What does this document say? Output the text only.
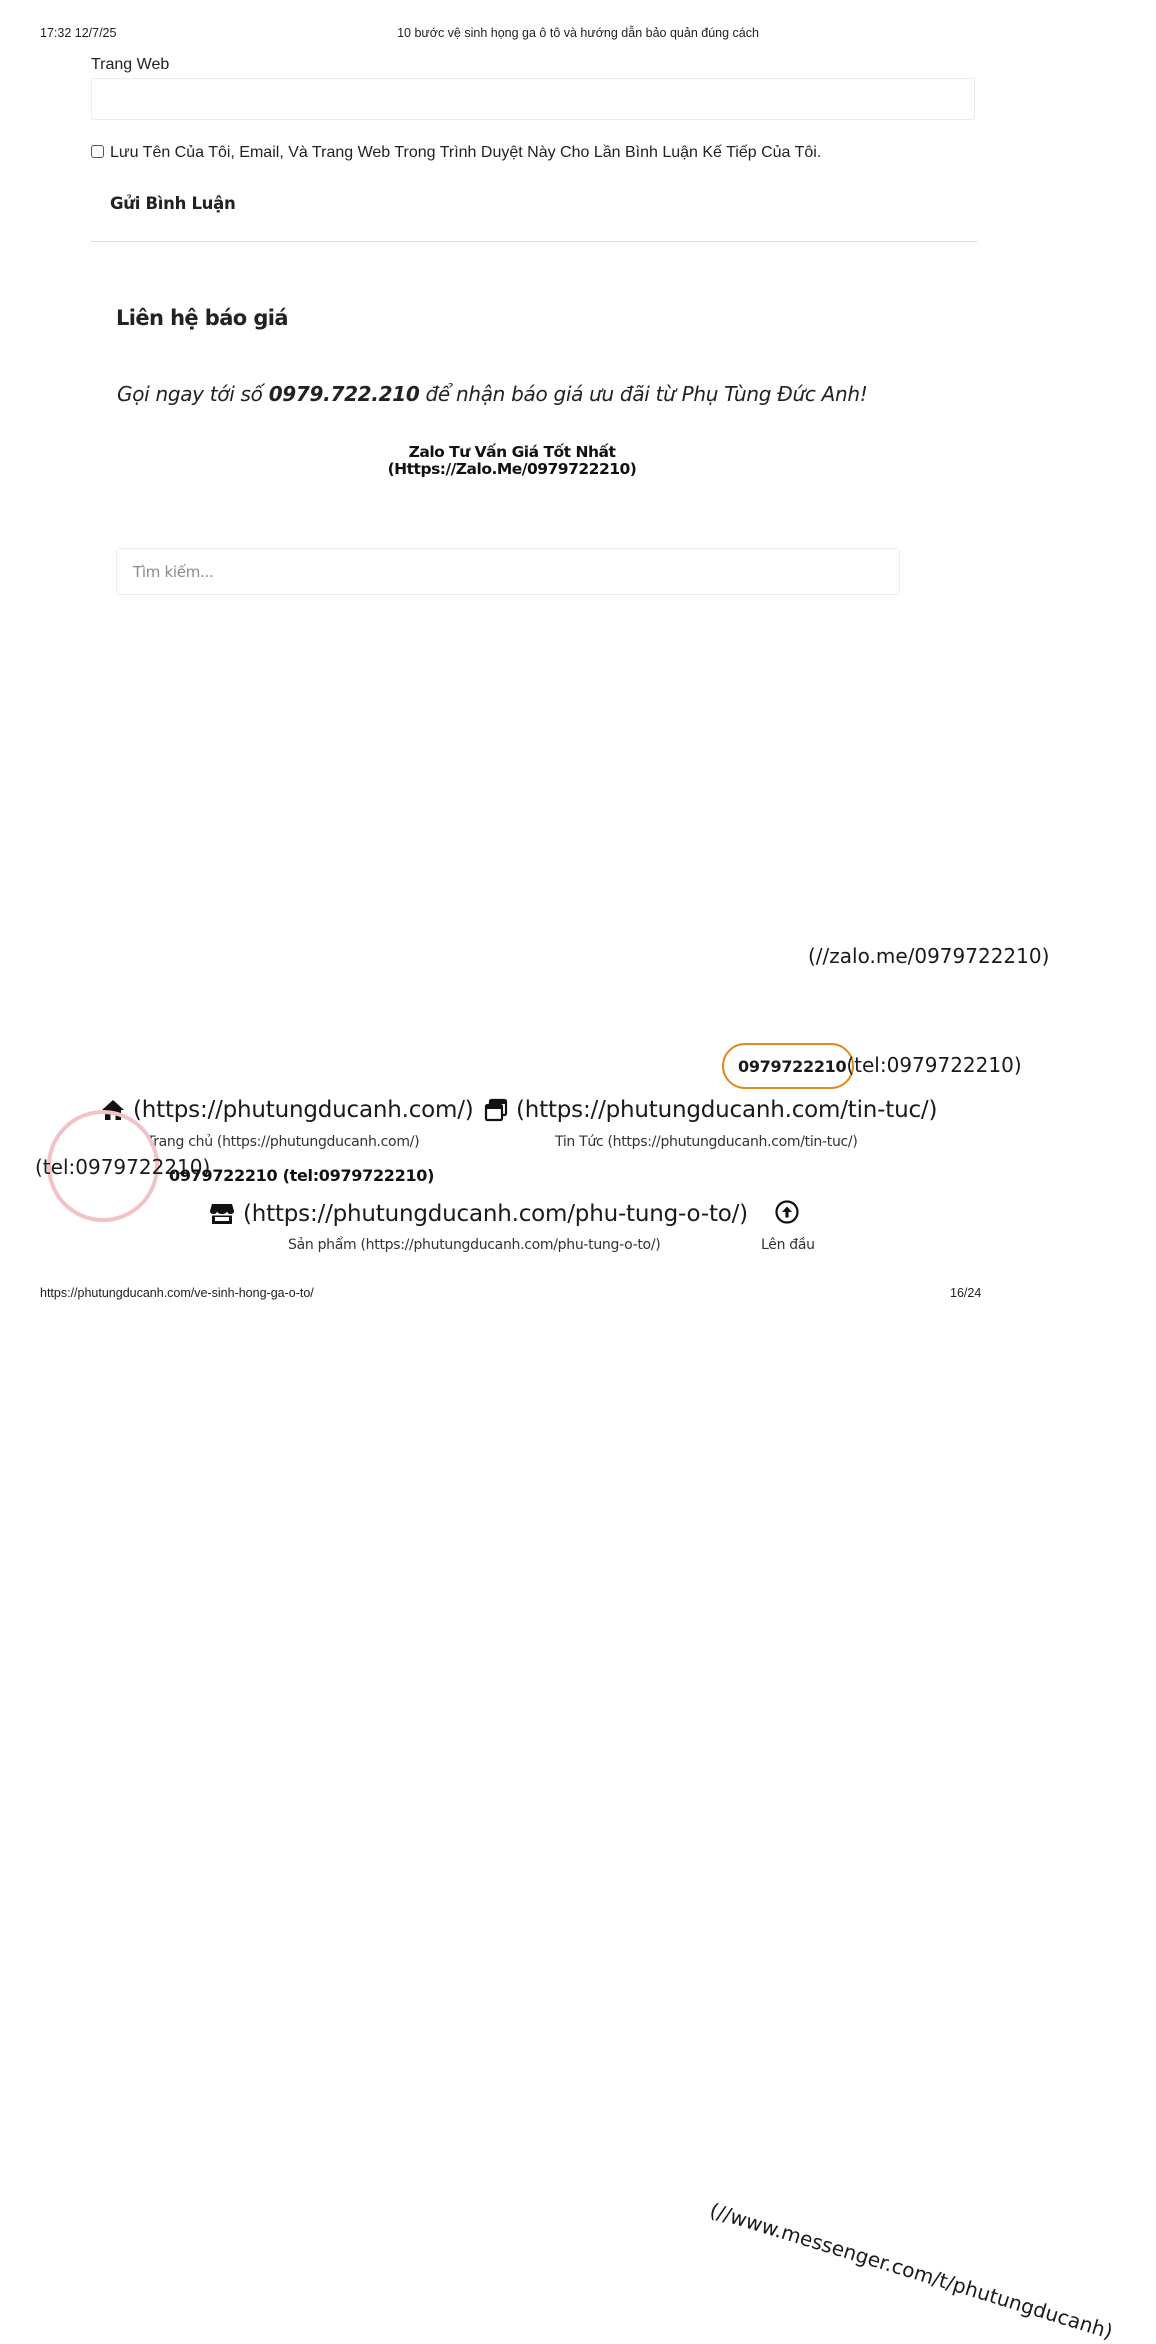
17:32 12/7/25	10 bước vệ sinh họng ga ô tô và hướng dẫn bảo quản đúng cách
Trang Web
Lưu Tên Của Tôi, Email, Và Trang Web Trong Trình Duyệt Này Cho Lần Bình Luận Kế Tiếp Của Tôi.
Gửi Bình Luận
Liên hệ báo giá
Gọi ngay tới số 0979.722.210 để nhận báo giá ưu đãi từ Phụ Tùng Đức Anh!
Zalo Tư Vấn Giá Tốt Nhất
(Https://Zalo.Me/0979722210)
Tìm kiếm...
(//zalo.me/0979722210)
0979722210(tel:0979722210)
(https://phutungducanh.com/)
Trang chủ (https://phutungducanh.com/)
(https://phutungducanh.com/tin-tuc/)
Tin Tức (https://phutungducanh.com/tin-tuc/)
(//www.messenger.com/t/phutungducanh)
(tel:0979722210)
0979722210 (tel:0979722210)
(https://phutungducanh.com/phu-tung-o-to/)
Sản phẩm (https://phutungducanh.com/phu-tung-o-to/)	Lên đầu
https://phutungducanh.com/ve-sinh-hong-ga-o-to/	16/24
